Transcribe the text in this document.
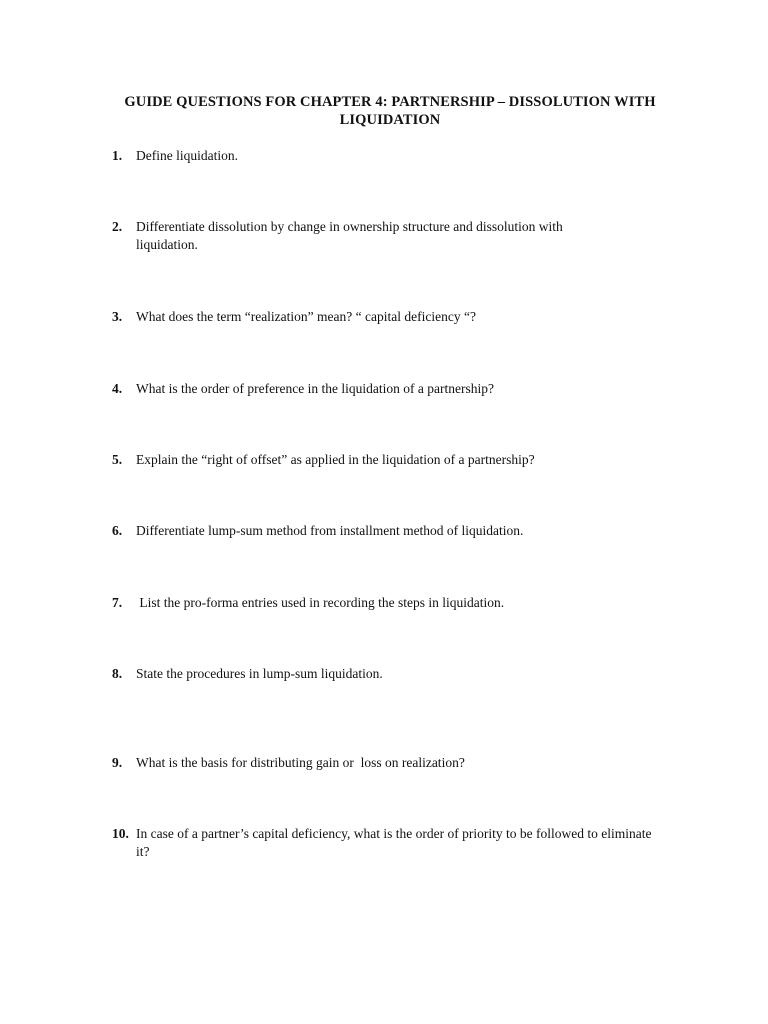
GUIDE QUESTIONS FOR CHAPTER 4: PARTNERSHIP – DISSOLUTION WITH
LIQUIDATION
1. Define liquidation.
2. Differentiate dissolution by change in ownership structure and dissolution with liquidation.
3. What does the term “realization” mean? “ capital deficiency “?
4. What is the order of preference in the liquidation of a partnership?
5. Explain the “right of offset” as applied in the liquidation of a partnership?
6. Differentiate lump-sum method from installment method of liquidation.
7. List the pro-forma entries used in recording the steps in liquidation.
8. State the procedures in lump-sum liquidation.
9. What is the basis for distributing gain or  loss on realization?
10. In case of a partner’s capital deficiency, what is the order of priority to be followed to eliminate it?
